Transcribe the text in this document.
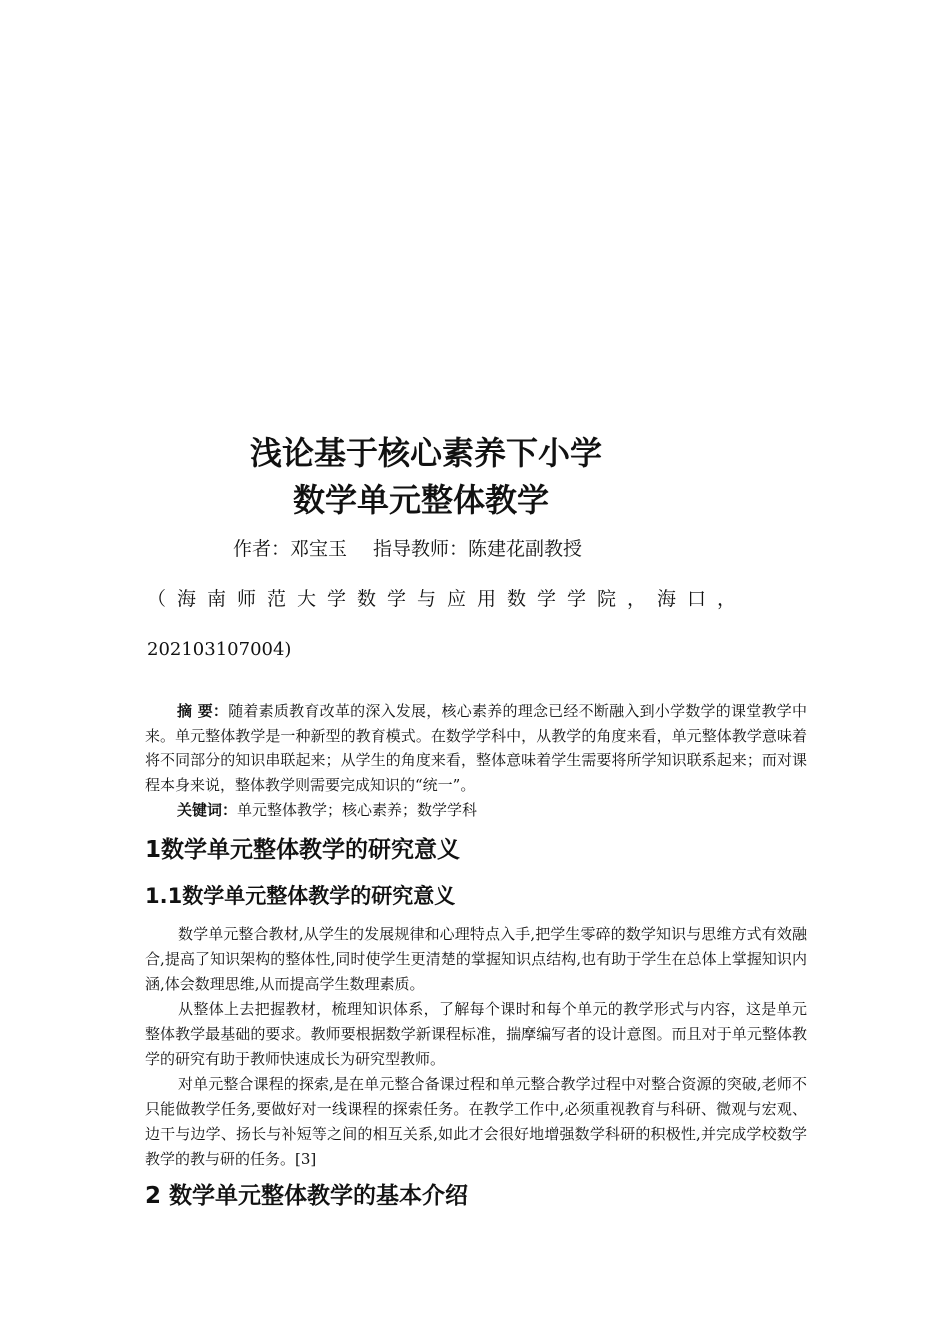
浅论基于核心素养下小学
数学单元整体教学
作者：邓宝玉 指导教师：陈建花副教授
（海南师范大学数学与应用数学学院，海口，
202103107004)

摘 要：随着素质教育改革的深入发展，核心素养的理念已经不断融入到小学数学的课堂教学中来。单元整体教学是一种新型的教育模式。在数学学科中，从教学的角度来看，单元整体教学意味着将不同部分的知识串联起来；从学生的角度来看，整体意味着学生需要将所学知识联系起来；而对课程本身来说，整体教学则需要完成知识的“统一”。

关键词：单元整体教学；核心素养；数学学科
1数学单元整体教学的研究意义
1.1数学单元整体教学的研究意义

数学单元整合教材,从学生的发展规律和心理特点入手,把学生零碎的数学知识与思维方式有效融合,提高了知识架构的整体性,同时使学生更清楚的掌握知识点结构,也有助于学生在总体上掌握知识内涵,体会数理思维,从而提高学生数理素质。

从整体上去把握教材，梳理知识体系，了解每个课时和每个单元的教学形式与内容，这是单元整体教学最基础的要求。教师要根据数学新课程标准，揣摩编写者的设计意图。而且对于单元整体教学的研究有助于教师快速成长为研究型教师。

对单元整合课程的探索,是在单元整合备课过程和单元整合教学过程中对整合资源的突破,老师不只能做教学任务,要做好对一线课程的探索任务。在教学工作中,必须重视教育与科研、微观与宏观、边干与边学、扬长与补短等之间的相互关系,如此才会很好地增强数学科研的积极性,并完成学校数学教学的教与研的任务。[3]

2 数学单元整体教学的基本介绍
